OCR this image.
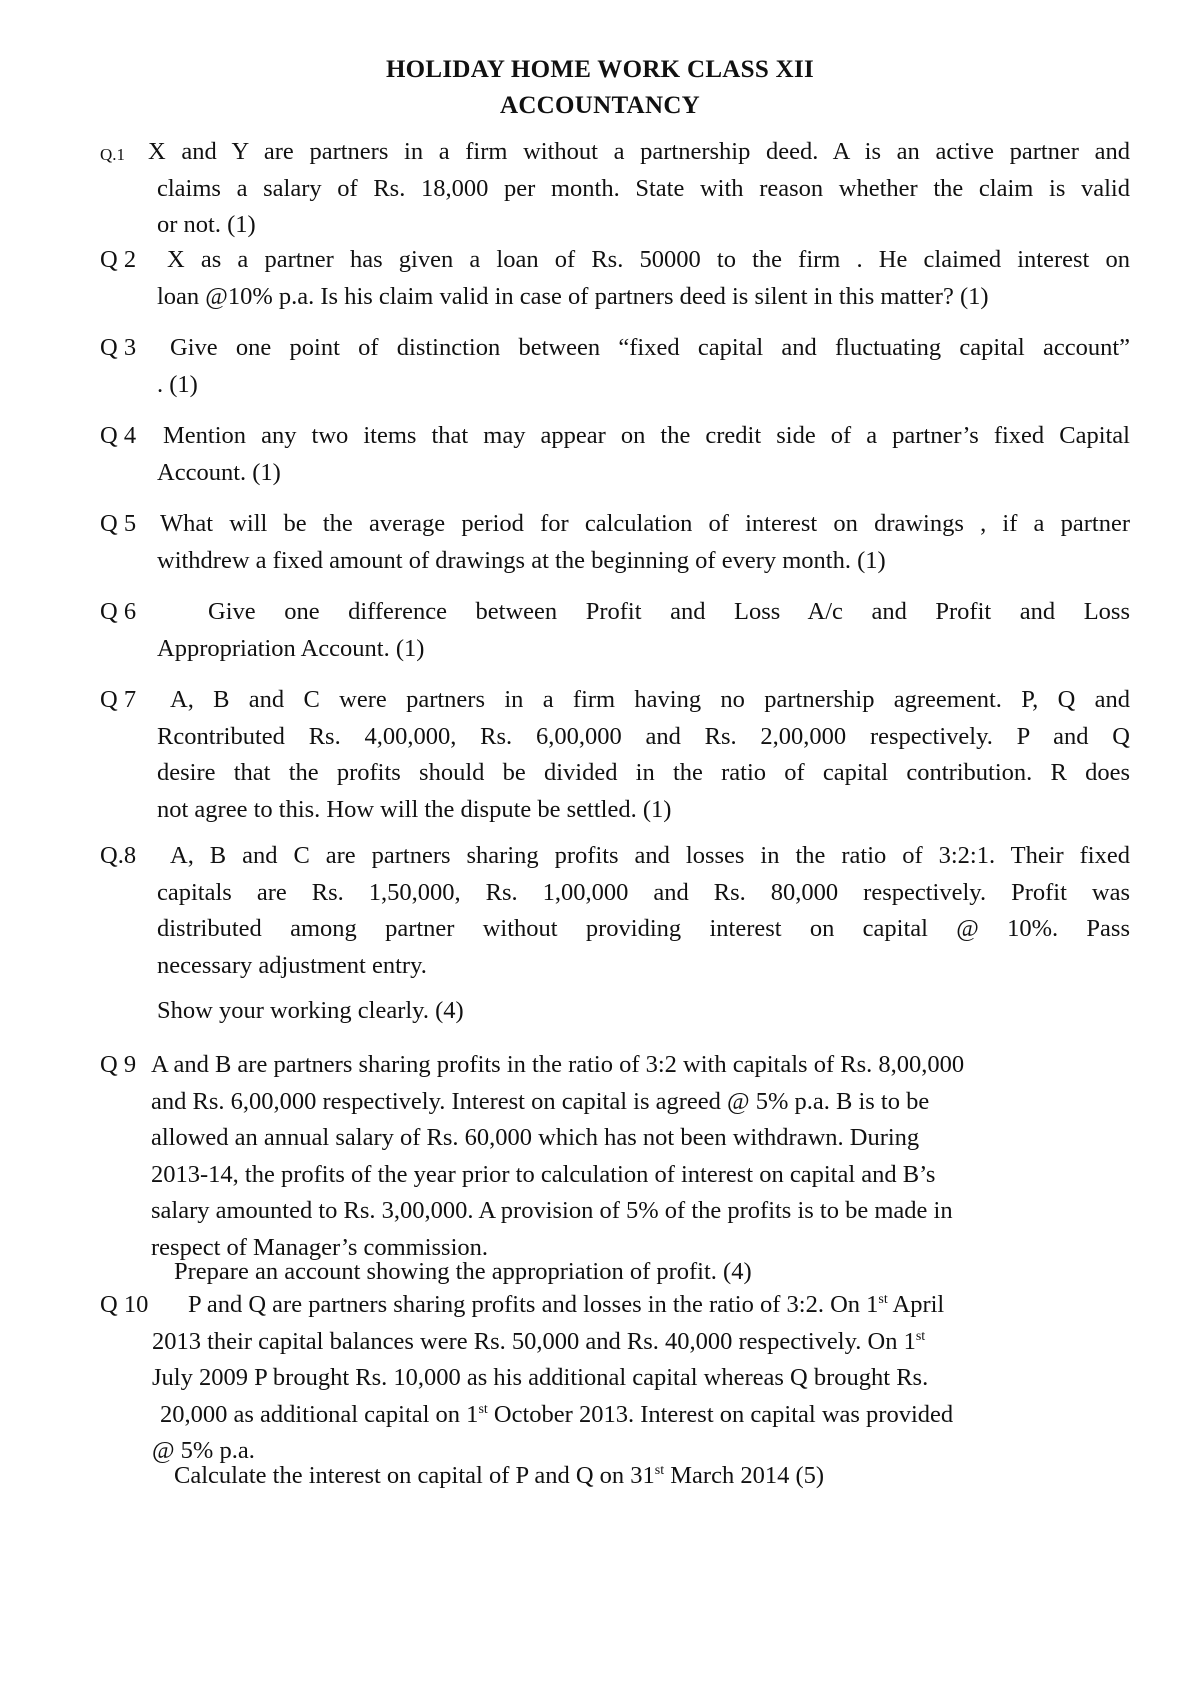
HOLIDAY HOME WORK CLASS XII
ACCOUNTANCY
Q.1 X and Y are partners in a firm without a partnership deed. A is an active partner and
claims a salary of Rs. 18,000 per month. State with reason whether the claim is valid
or not. (1)
Q 2 X as a partner has given a loan of Rs. 50000 to the firm . He claimed interest on
loan @10% p.a. Is his claim valid in case of partners deed is silent in this matter? (1)
Q 3 Give one point of distinction between “fixed capital and fluctuating capital account”
. (1)
Q 4 Mention any two items that may appear on the credit side of a partner’s fixed Capital
Account. (1)
Q 5 What will be the average period for calculation of interest on drawings , if a partner
withdrew a fixed amount of drawings at the beginning of every month. (1)
Q 6	Give one difference between Profit and Loss A/c and Profit and Loss
Appropriation Account. (1)
Q 7 A, B and C were partners in a firm having no partnership agreement. P, Q and
Rcontributed Rs. 4,00,000, Rs. 6,00,000 and Rs. 2,00,000 respectively. P and Q
desire that the profits should be divided in the ratio of capital contribution. R does
not agree to this. How will the dispute be settled. (1)
Q.8 A, B and C are partners sharing profits and losses in the ratio of 3:2:1. Their fixed
capitals are Rs. 1,50,000, Rs. 1,00,000 and Rs. 80,000 respectively. Profit was
distributed among partner without providing interest on capital @ 10%. Pass
necessary adjustment entry.
Show your working clearly. (4)
Q 9 A and B are partners sharing profits in the ratio of 3:2 with capitals of Rs. 8,00,000
and Rs. 6,00,000 respectively. Interest on capital is agreed @ 5% p.a. B is to be
allowed an annual salary of Rs. 60,000 which has not been withdrawn. During
2013-14, the profits of the year prior to calculation of interest on capital and B’s
salary amounted to Rs. 3,00,000. A provision of 5% of the profits is to be made in
respect of Manager’s commission.
Prepare an account showing the appropriation of profit. (4)
Q 10 P and Q are partners sharing profits and losses in the ratio of 3:2. On 1st April
2013 their capital balances were Rs. 50,000 and Rs. 40,000 respectively. On 1st
July 2009 P brought Rs. 10,000 as his additional capital whereas Q brought Rs.
20,000 as additional capital on 1st October 2013. Interest on capital was provided
@ 5% p.a.
Calculate the interest on capital of P and Q on 31st March 2014 (5)
